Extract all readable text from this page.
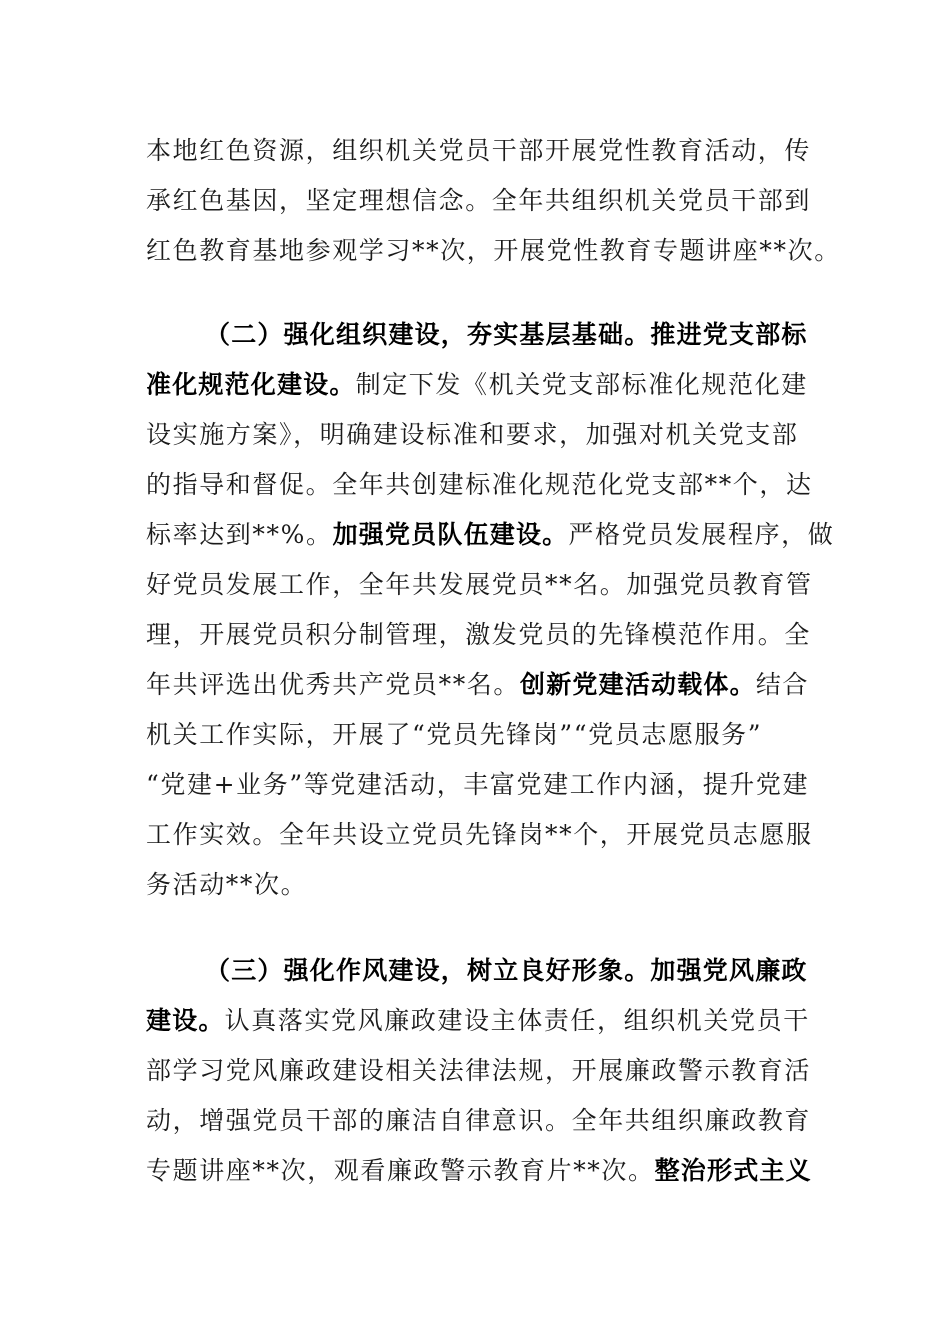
本地红色资源，组织机关党员干部开展党性教育活动，传
承红色基因，坚定理想信念。全年共组织机关党员干部到
红色教育基地参观学习**次，开展党性教育专题讲座**次。
（二）强化组织建设，夯实基层基础。推进党支部标
准化规范化建设。制定下发《机关党支部标准化规范化建
设实施方案》，明确建设标准和要求，加强对机关党支部
的指导和督促。全年共创建标准化规范化党支部**个，达
标率达到**%。加强党员队伍建设。严格党员发展程序，做
好党员发展工作，全年共发展党员**名。加强党员教育管
理，开展党员积分制管理，激发党员的先锋模范作用。全
年共评选出优秀共产党员**名。创新党建活动载体。结合
机关工作实际，开展了“党员先锋岗”“党员志愿服务”
“党建+业务”等党建活动，丰富党建工作内涵，提升党建
工作实效。全年共设立党员先锋岗**个，开展党员志愿服
务活动**次。
（三）强化作风建设，树立良好形象。加强党风廉政
建设。认真落实党风廉政建设主体责任，组织机关党员干
部学习党风廉政建设相关法律法规，开展廉政警示教育活
动，增强党员干部的廉洁自律意识。全年共组织廉政教育
专题讲座**次，观看廉政警示教育片**次。整治形式主义
